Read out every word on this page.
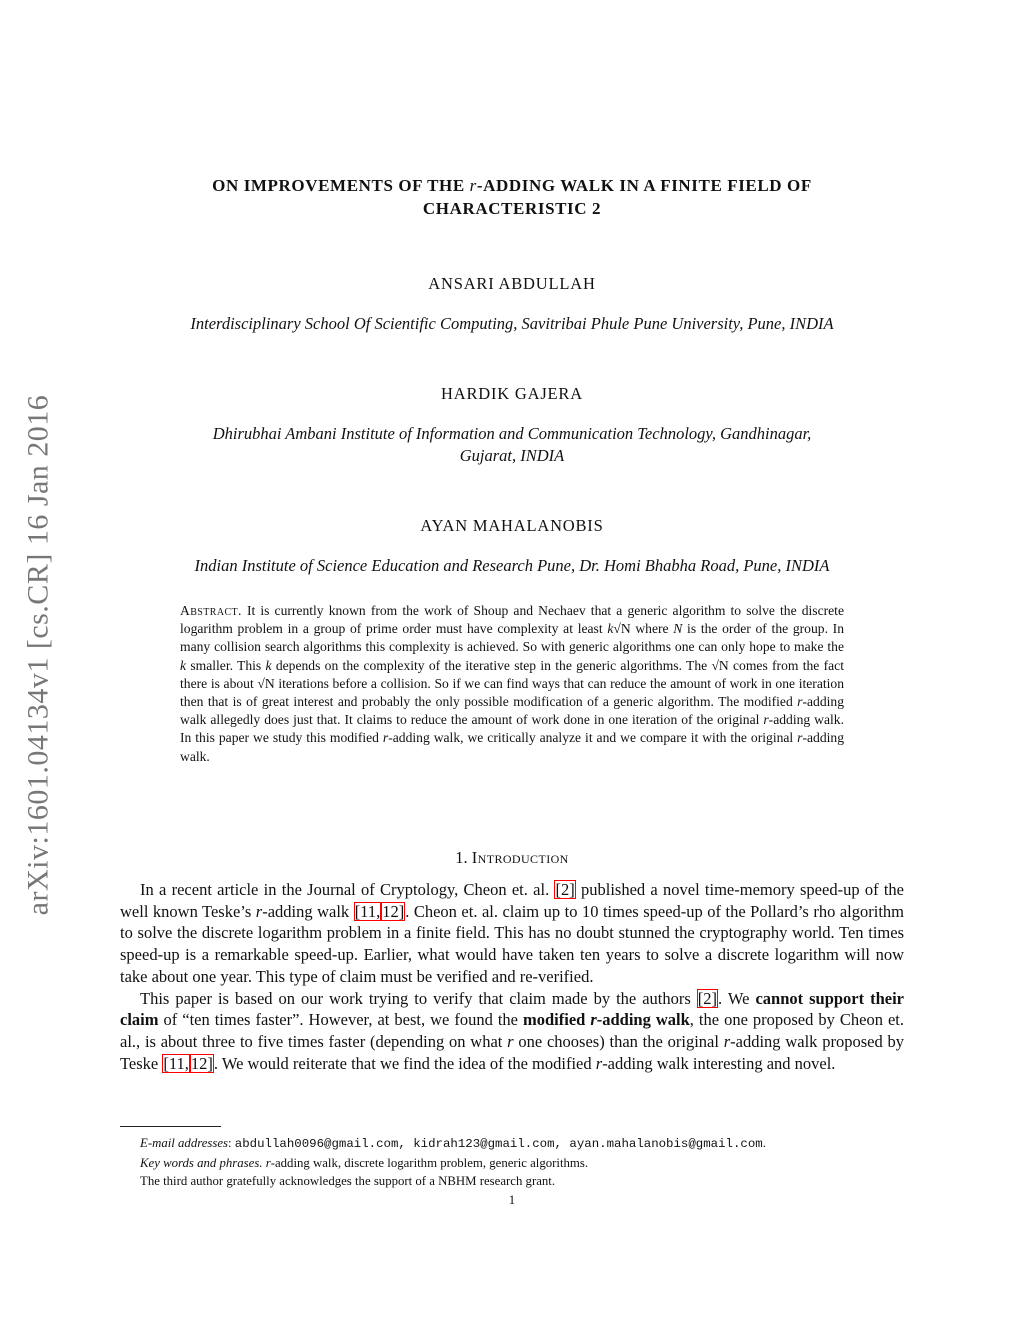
arXiv:1601.04134v1 [cs.CR] 16 Jan 2016
ON IMPROVEMENTS OF THE r-ADDING WALK IN A FINITE FIELD OF
CHARACTERISTIC 2
ANSARI ABDULLAH
Interdisciplinary School Of Scientific Computing, Savitribai Phule Pune University, Pune, INDIA
HARDIK GAJERA
Dhirubhai Ambani Institute of Information and Communication Technology, Gandhinagar,
Gujarat, INDIA
AYAN MAHALANOBIS
Indian Institute of Science Education and Research Pune, Dr. Homi Bhabha Road, Pune, INDIA
Abstract. It is currently known from the work of Shoup and Nechaev that a generic algorithm to solve the discrete logarithm problem in a group of prime order must have complexity at least k√N where N is the order of the group. In many collision search algorithms this complexity is achieved. So with generic algorithms one can only hope to make the k smaller. This k depends on the complexity of the iterative step in the generic algorithms. The √N comes from the fact there is about √N iterations before a collision. So if we can find ways that can reduce the amount of work in one iteration then that is of great interest and probably the only possible modification of a generic algorithm. The modified r-adding walk allegedly does just that. It claims to reduce the amount of work done in one iteration of the original r-adding walk. In this paper we study this modified r-adding walk, we critically analyze it and we compare it with the original r-adding walk.
1. Introduction

In a recent article in the Journal of Cryptology, Cheon et. al. [2] published a novel time-memory speed-up of the well known Teske’s r-adding walk [11, 12]. Cheon et. al. claim up to 10 times speed-up of the Pollard’s rho algorithm to solve the discrete logarithm problem in a finite field. This has no doubt stunned the cryptography world. Ten times speed-up is a remarkable speed-up. Earlier, what would have taken ten years to solve a discrete logarithm will now take about one year. This type of claim must be verified and re-verified.

This paper is based on our work trying to verify that claim made by the authors [2]. We cannot support their claim of “ten times faster”. However, at best, we found the modified r-adding walk, the one proposed by Cheon et. al., is about three to five times faster (depending on what r one chooses) than the original r-adding walk proposed by Teske [11, 12]. We would reiterate that we find the idea of the modified r-adding walk interesting and novel.

E-mail addresses: abdullah0096@gmail.com, kidrah123@gmail.com, ayan.mahalanobis@gmail.com.
Key words and phrases. r-adding walk, discrete logarithm problem, generic algorithms.
The third author gratefully acknowledges the support of a NBHM research grant.
1
